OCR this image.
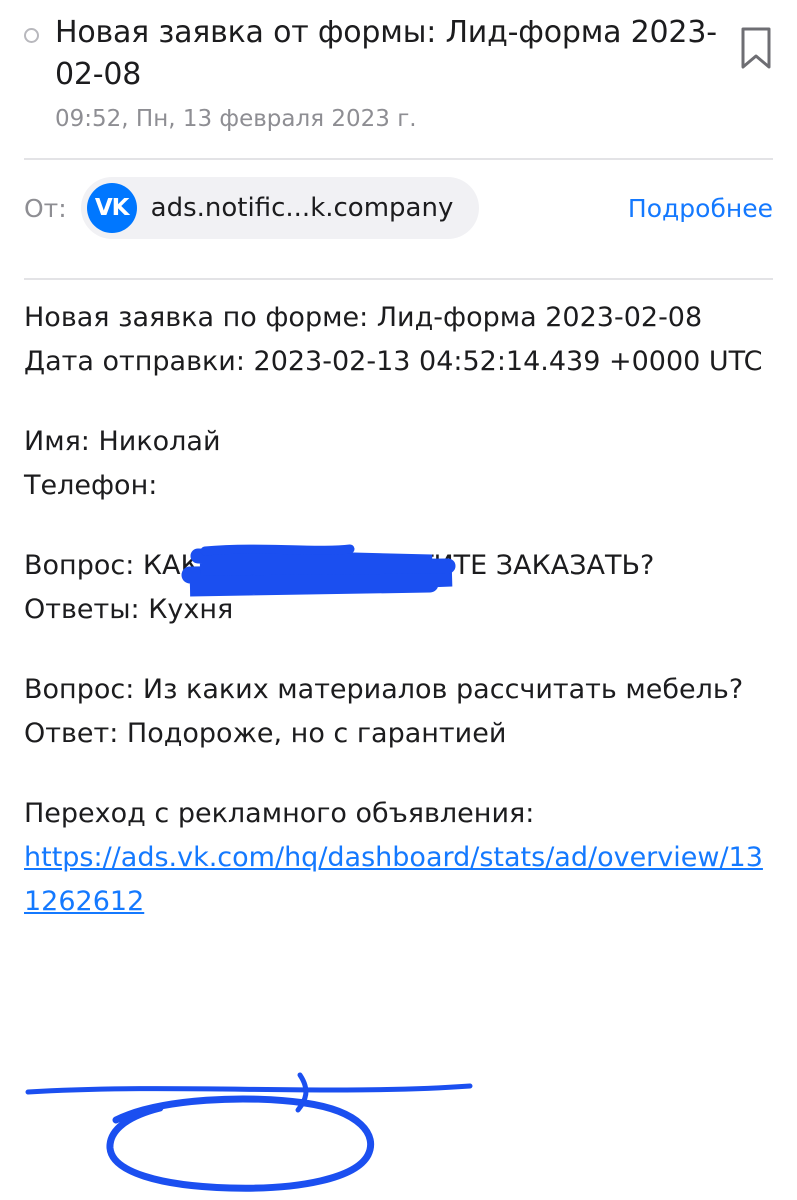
Новая заявка от формы: Лид-форма 2023-02-08
09:52, Пн, 13 февраля 2023 г.
От:	VK ads.notific...k.company	Подробнее

Новая заявка по форме: Лид-форма 2023-02-08
Дата отправки: 2023-02-13 04:52:14.439 +0000 UTC

Имя: Николай
Телефон:

Вопрос: КАКУЮ МЕБЕЛЬ ХОТИТЕ ЗАКАЗАТЬ?
Ответы: Кухня

Вопрос: Из каких материалов рассчитать мебель?
Ответ: Подороже, но с гарантией

Переход с рекламного объявления:
https://ads.vk.com/hq/dashboard/stats/ad/overview/131262612
